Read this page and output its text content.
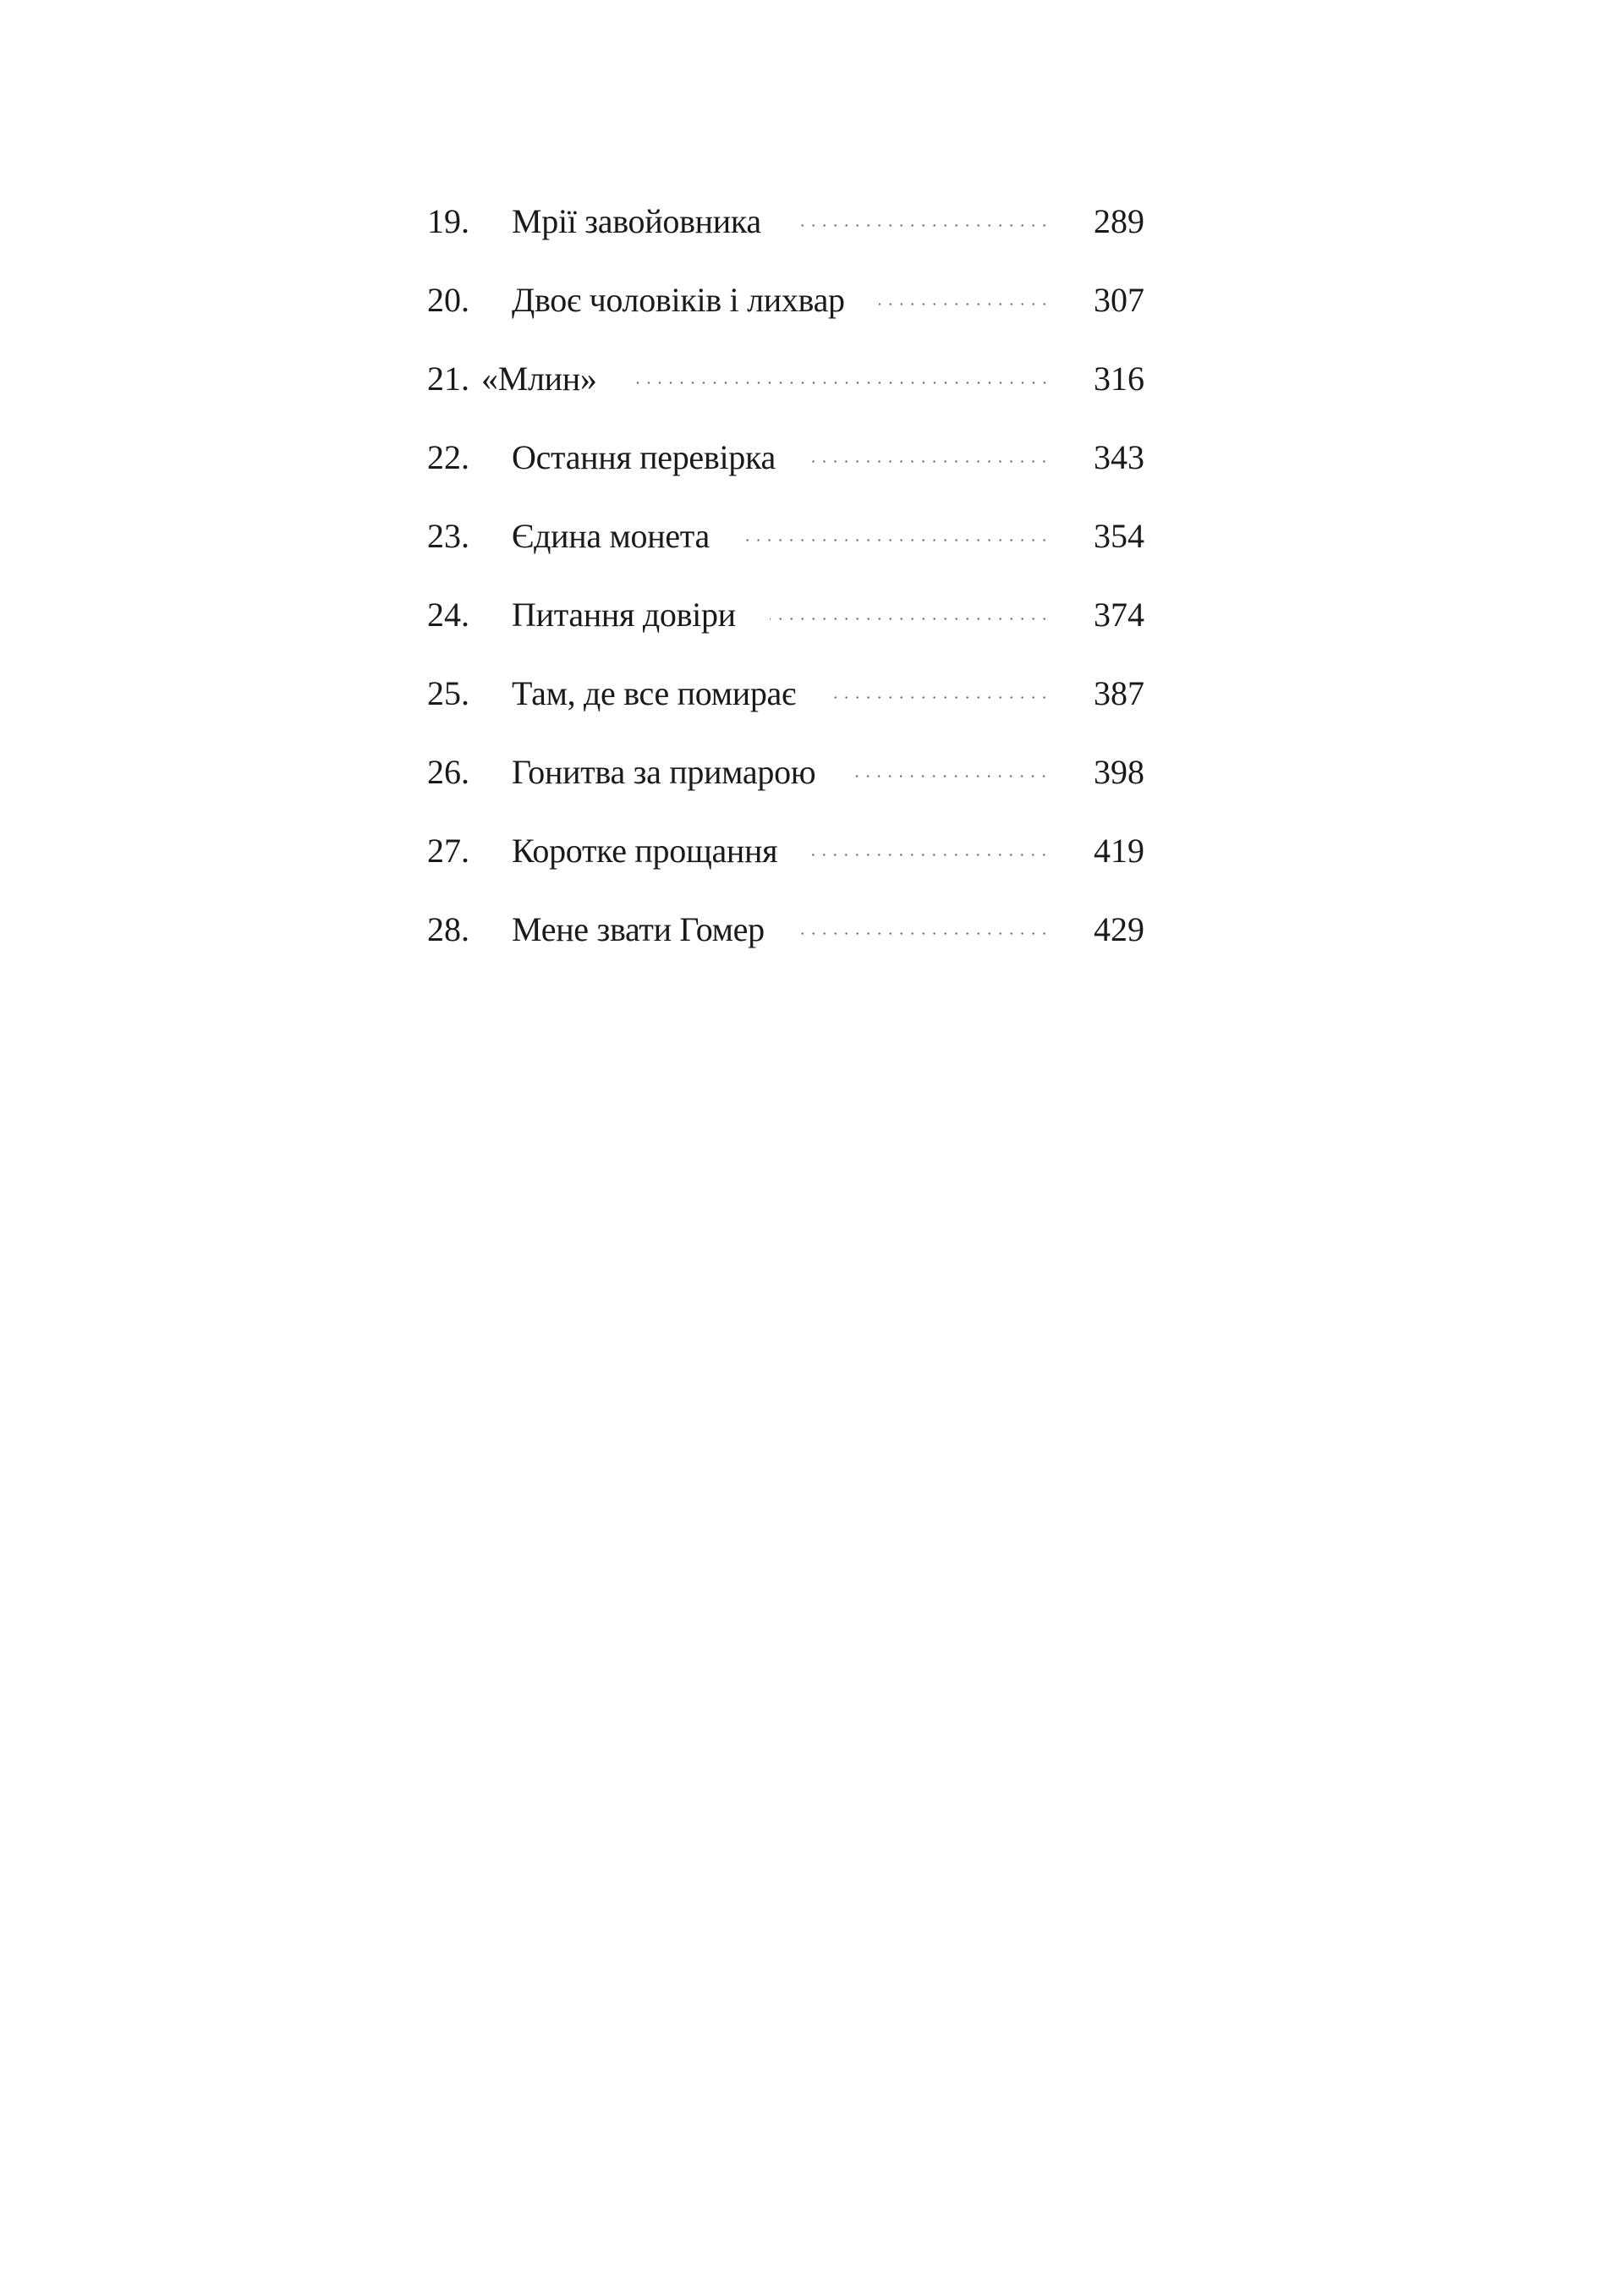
19.	Мрії завойовника	289
20.	Двоє чоловіків і лихвар	307
21. «Млин»	316
22.	Остання перевірка	343
23.	Єдина монета	354
24.	Питання довіри	374
25.	Там, де все помирає	387
26.	Гонитва за примарою	398
27.	Коротке прощання	419
28.	Мене звати Гомер	429
